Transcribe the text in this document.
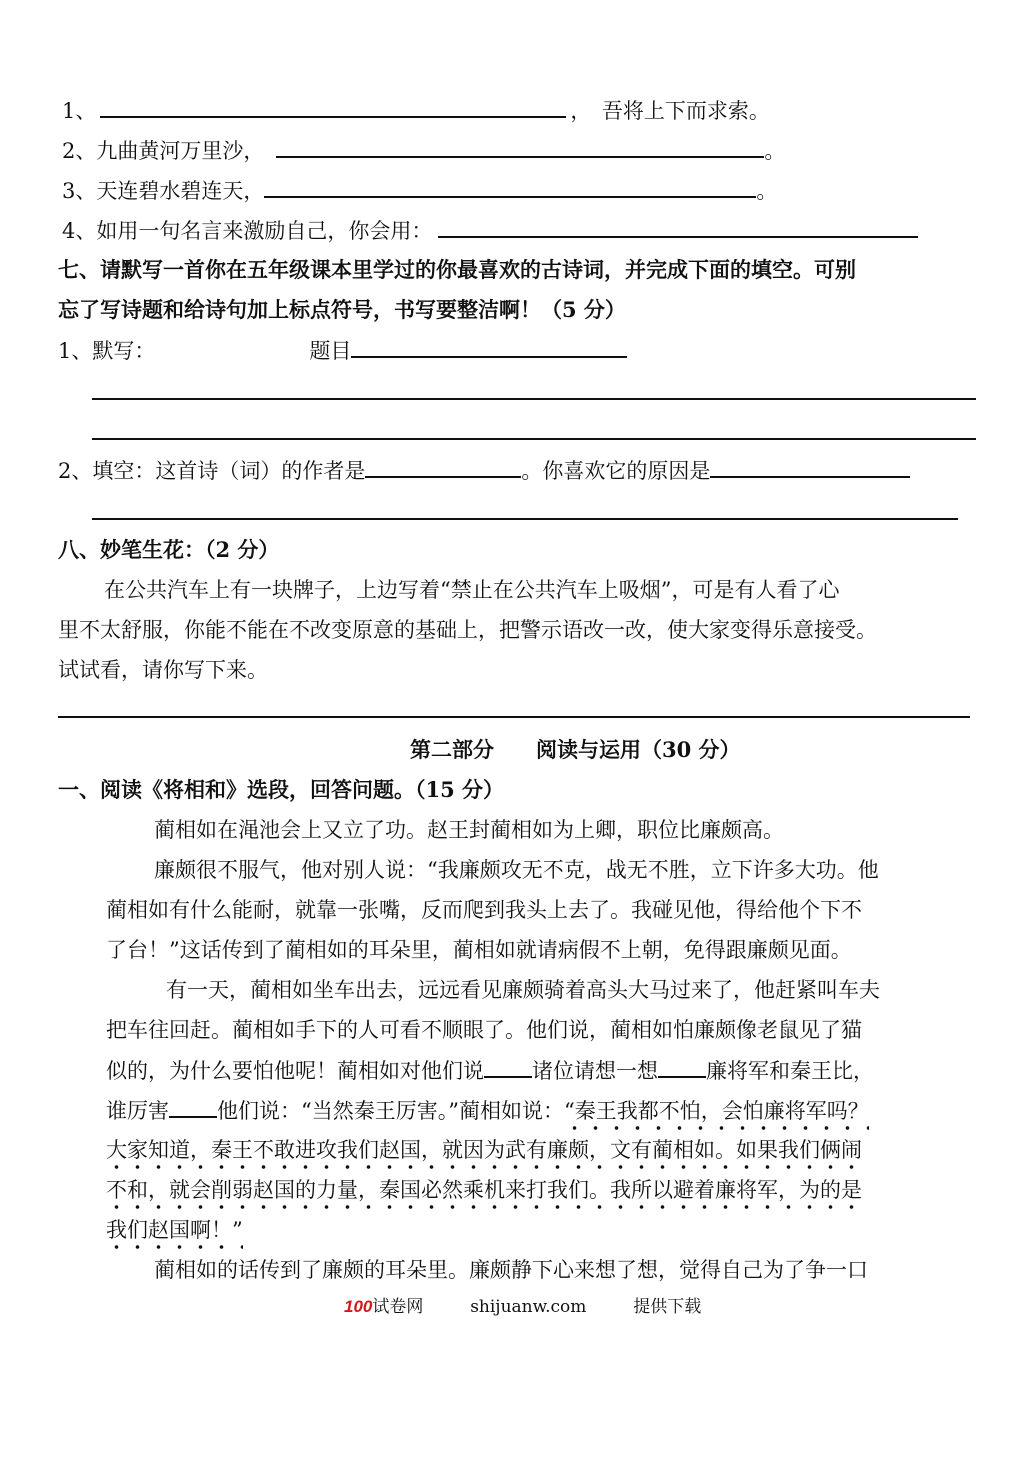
1、	，　吾将上下而求索。
2、九曲黄河万里沙，	。
3、天连碧水碧连天，	。
4、如用一句名言来激励自己，你会用：
七、请默写一首你在五年级课本里学过的你最喜欢的古诗词，并完成下面的填空。可别
忘了写诗题和给诗句加上标点符号，书写要整洁啊！（5 分）
1、默写：	题目
2、填空：这首诗（词）的作者是	。你喜欢它的原因是
八、妙笔生花：（2 分）
在公共汽车上有一块牌子，上边写着“禁止在公共汽车上吸烟”，可是有人看了心
里不太舒服，你能不能在不改变原意的基础上，把警示语改一改，使大家变得乐意接受。
试试看，请你写下来。
第二部分　　阅读与运用（30 分）
一、阅读《将相和》选段，回答问题。（15 分）
蔺相如在渑池会上又立了功。赵王封蔺相如为上卿，职位比廉颇高。
廉颇很不服气，他对别人说：“我廉颇攻无不克，战无不胜，立下许多大功。他
蔺相如有什么能耐，就靠一张嘴，反而爬到我头上去了。我碰见他，得给他个下不
了台！”这话传到了蔺相如的耳朵里，蔺相如就请病假不上朝，免得跟廉颇见面。
有一天，蔺相如坐车出去，远远看见廉颇骑着高头大马过来了，他赶紧叫车夫
把车往回赶。蔺相如手下的人可看不顺眼了。他们说，蔺相如怕廉颇像老鼠见了猫
似的，为什么要怕他呢！蔺相如对他们说 诸位请想一想 廉将军和秦王比，
谁厉害 他们说：“当然秦王厉害。”蔺相如说：“秦王我都不怕，会怕廉将军吗？
大家知道，秦王不敢进攻我们赵国，就因为武有廉颇，文有蔺相如。如果我们俩闹
不和，就会削弱赵国的力量，秦国必然乘机来打我们。我所以避着廉将军，为的是
我们赵国啊！”
蔺相如的话传到了廉颇的耳朵里。廉颇静下心来想了想，觉得自己为了争一口
100试卷网	shijuanw.com	提供下载
